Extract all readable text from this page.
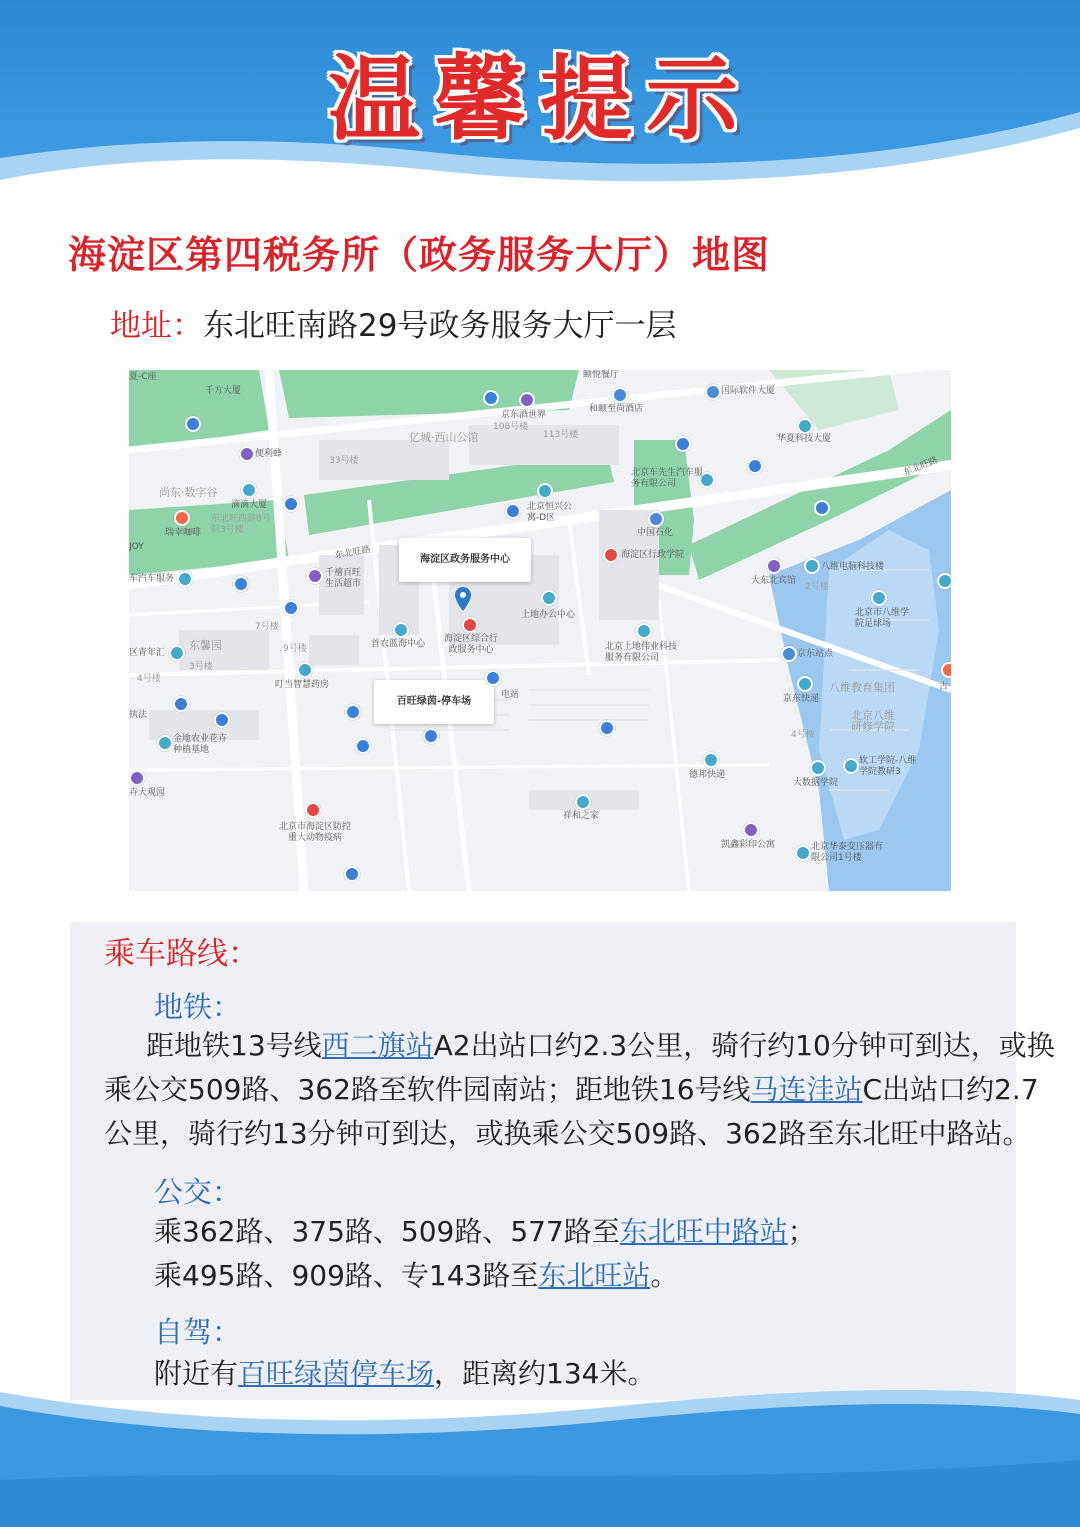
温馨提示
海淀区第四税务所（政务服务大厅）地图
地址：东北旺南路29号政务服务大厅一层
海淀区政务服务中心
百旺绿茵-停车场
夏-C座
千方大厦
颐悦餐厅
国际软件大厦
京东酒世界
108号楼
113号楼
和颐至尚酒店
亿城·西山公馆	华夏科技大厦
便利蜂
33号楼
尚东·数字谷
滴滴大厦
东北旺西路8号院3号楼
瑞幸咖啡
JOY
北京车先生汽车服务有限公司
北京恒兴公寓-D区
东北旺路
中国石化
海淀区行政学院
东北旺路
千禧百旺生活超市
八维电脑科技楼
大东北宾馆
2号楼
车汽车服务
北京市八维学院足球场
7号楼
上地办公中心
区青年汇
东馨园	9号楼	首农蓝海中心	海淀区综合行政服务中心	北京上地伟业科技服务有限公司	京东站点
3号楼
4号楼
叮当智慧药房	八维教育集团
京东快递
北京八维研修学院
执法
电站
4号楼
金地农业花卉种植基地
软工学院-八维学院教研3
德邦快递
大数据学院
卉大观园
祥和之家
北京市海淀区防控重大动物疫病
凯鑫彩印公寓	北京华泰变压器有限公司1号楼
古
乘车路线：
地铁：
距地铁13号线西二旗站A2出站口约2.3公里，骑行约10分钟可到达，或换
乘公交509路、362路至软件园南站；距地铁16号线马连洼站C出站口约2.7
公里，骑行约13分钟可到达，或换乘公交509路、362路至东北旺中路站。
公交：
乘362路、375路、509路、577路至东北旺中路站；
乘495路、909路、专143路至东北旺站。
自驾：
附近有百旺绿茵停车场，距离约134米。
